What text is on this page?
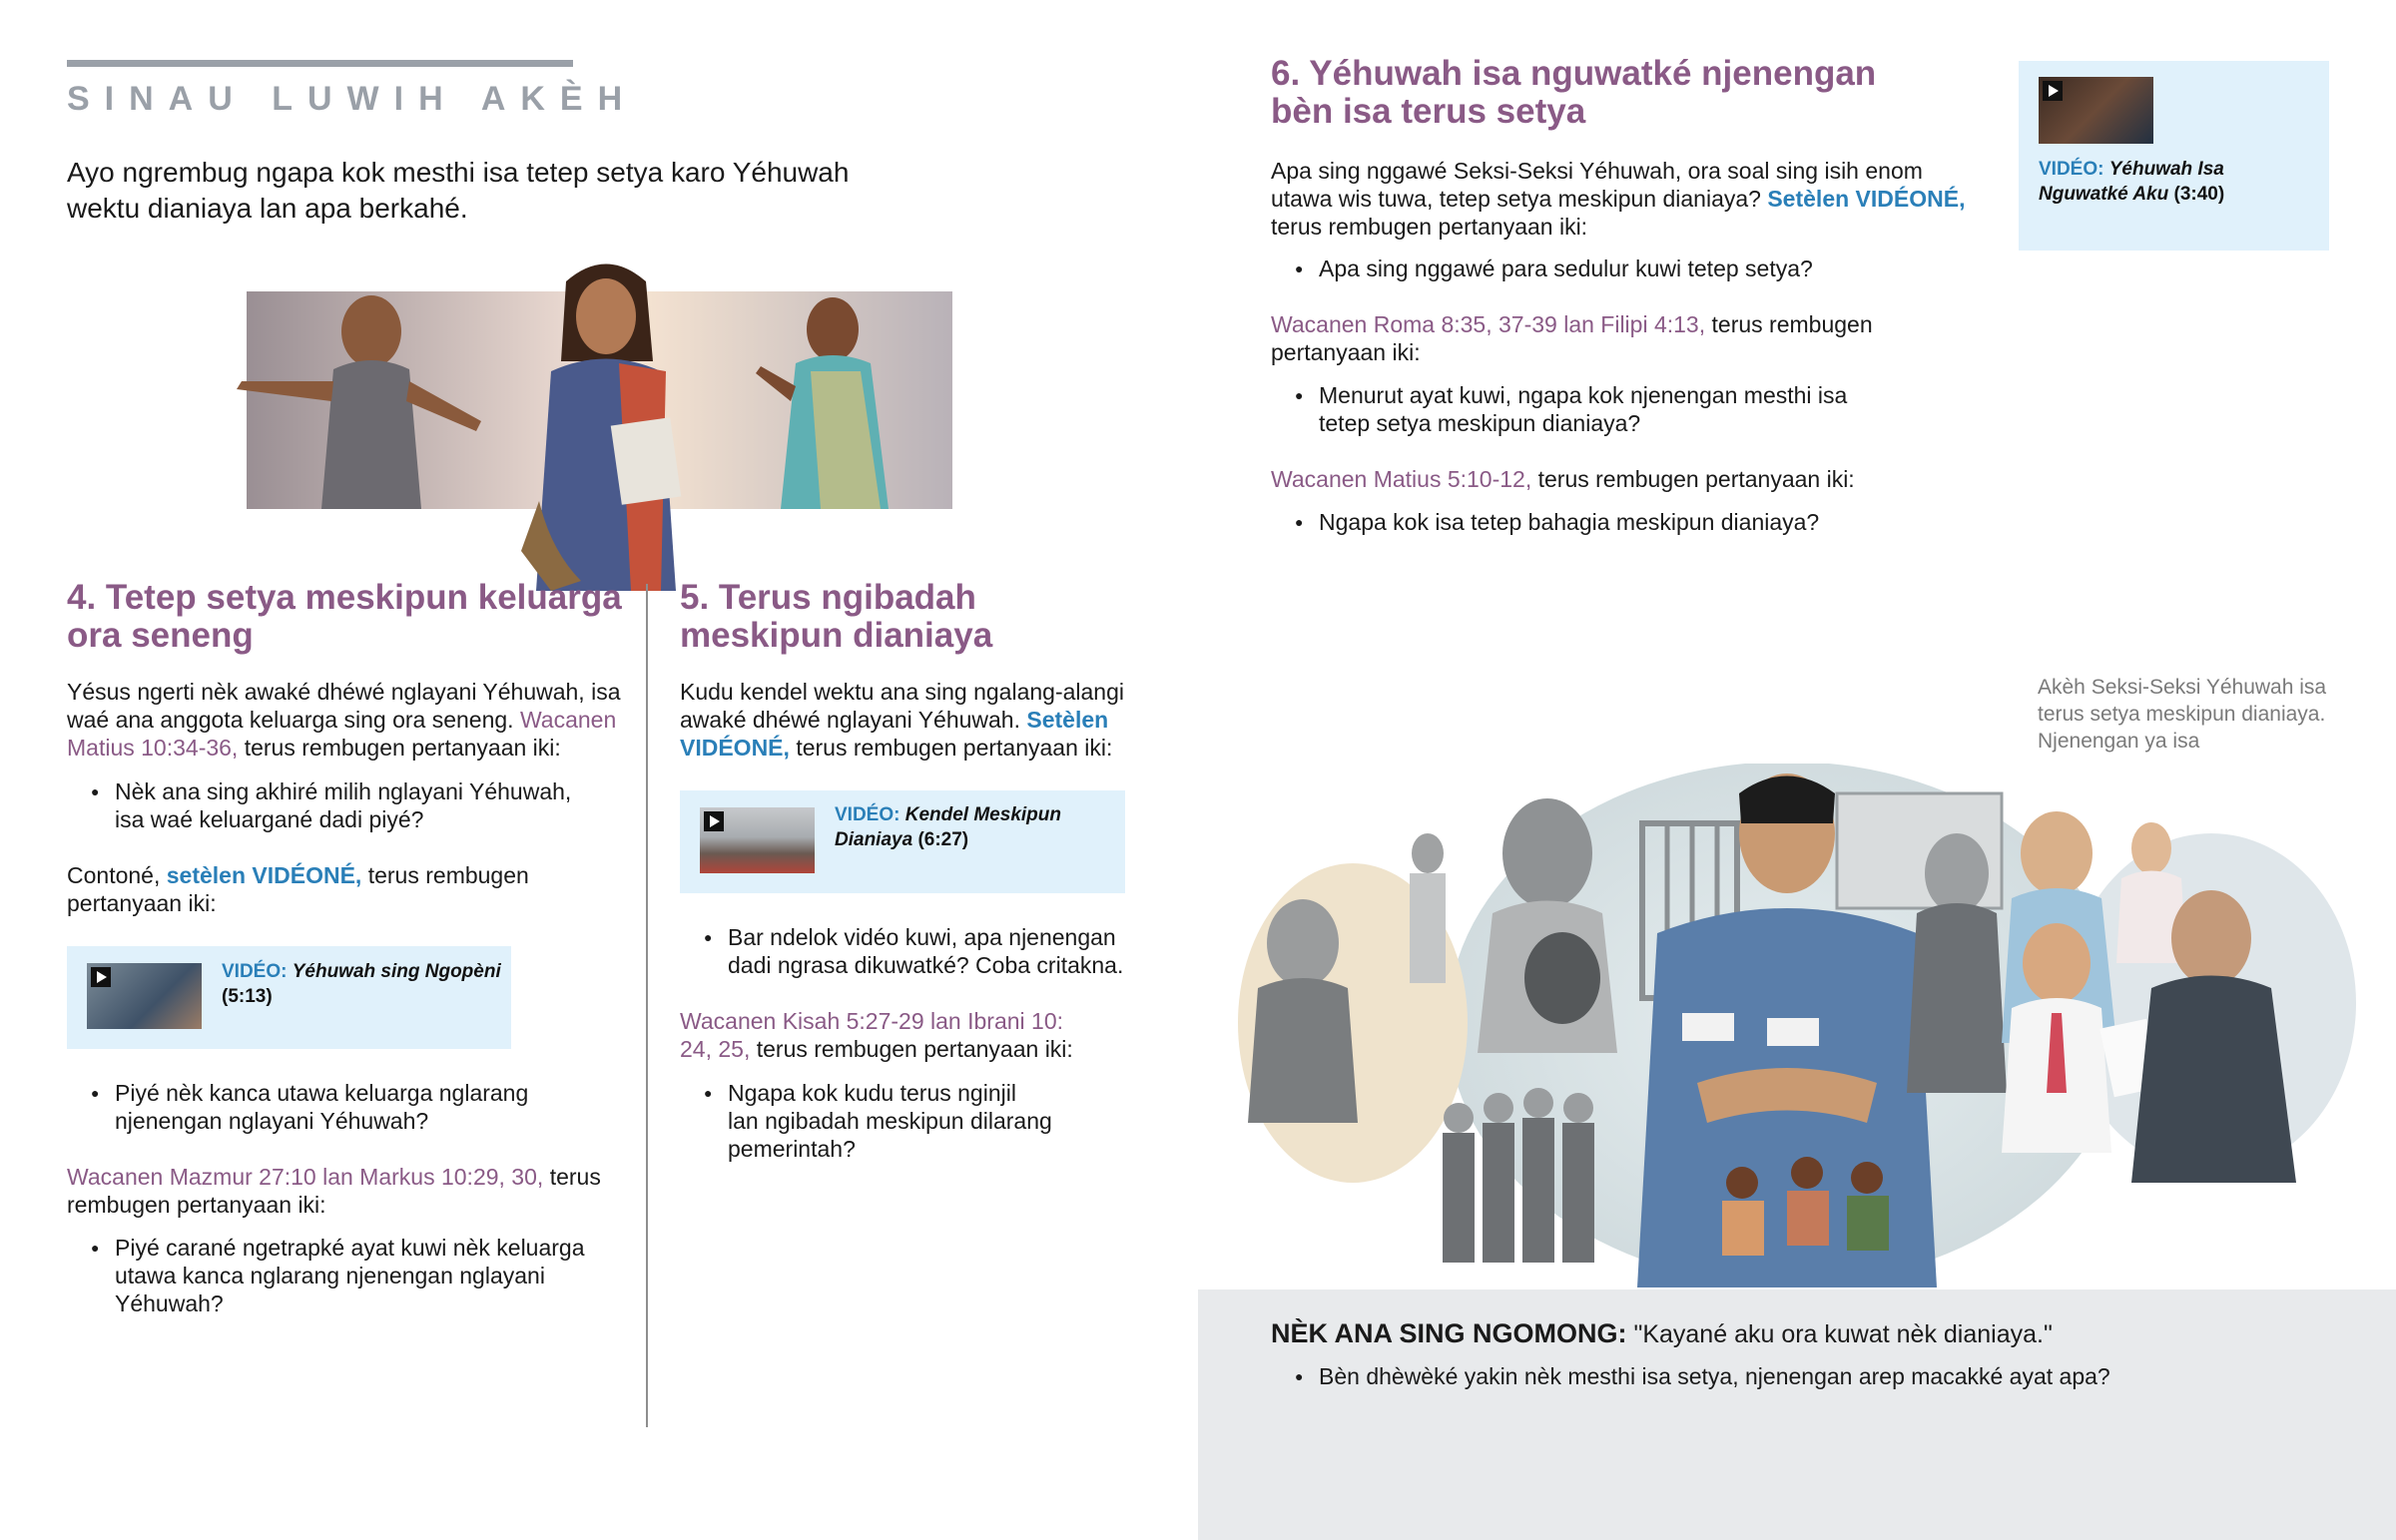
SINAU LUWIH AKÈH
Ayo ngrembug ngapa kok mesthi isa tetep setya karo Yéhuwah wektu dianiaya lan apa berkahé.
4. Tetep setya meskipun keluarga
ora seneng
Yésus ngerti nèk awaké dhéwé nglayani Yéhuwah, isa
waé ana anggota keluarga sing ora seneng. Wacanen
Matius 10:34-36, terus rembugen pertanyaan iki:
● Nèk ana sing akhiré milih nglayani Yéhuwah,
isa waé keluargané dadi piyé?
Contoné, setèlen VIDÉONÉ, terus rembugen
pertanyaan iki:
VIDÉO: Yéhuwah sing Ngopèni
(5:13)
● Piyé nèk kanca utawa keluarga nglarang
njenengan nglayani Yéhuwah?
Wacanen Mazmur 27:10 lan Markus 10:29, 30, terus
rembugen pertanyaan iki:
● Piyé carané ngetrapké ayat kuwi nèk keluarga
utawa kanca nglarang njenengan nglayani
Yéhuwah?
5. Terus ngibadah
meskipun dianiaya
Kudu kendel wektu ana sing ngalang-alangi
awaké dhéwé nglayani Yéhuwah. Setèlen
VIDÉONÉ, terus rembugen pertanyaan iki:
VIDÉO: Kendel Meskipun
Dianiaya (6:27)
● Bar ndelok vidéo kuwi, apa njenengan
dadi ngrasa dikuwatké? Coba critakna.
Wacanen Kisah 5:27-29 lan Ibrani 10:
24, 25, terus rembugen pertanyaan iki:
● Ngapa kok kudu terus nginjil
lan ngibadah meskipun dilarang
pemerintah?
6. Yéhuwah isa nguwatké njenengan
bèn isa terus setya
Apa sing nggawé Seksi-Seksi Yéhuwah, ora soal sing isih enom
utawa wis tuwa, tetep setya meskipun dianiaya? Setèlen VIDÉONÉ,
terus rembugen pertanyaan iki:
● Apa sing nggawé para sedulur kuwi tetep setya?
Wacanen Roma 8:35, 37-39 lan Filipi 4:13, terus rembugen
pertanyaan iki:
● Menurut ayat kuwi, ngapa kok njenengan mesthi isa
tetep setya meskipun dianiaya?
Wacanen Matius 5:10-12, terus rembugen pertanyaan iki:
● Ngapa kok isa tetep bahagia meskipun dianiaya?
VIDÉO: Yéhuwah Isa
Nguwatké Aku (3:40)
Akèh Seksi-Seksi Yéhuwah isa
terus setya meskipun dianiaya.
Njenengan ya isa
NÈK ANA SING NGOMONG: "Kayané aku ora kuwat nèk dianiaya."
● Bèn dhèwèké yakin nèk mesthi isa setya, njenengan arep macakké ayat apa?
